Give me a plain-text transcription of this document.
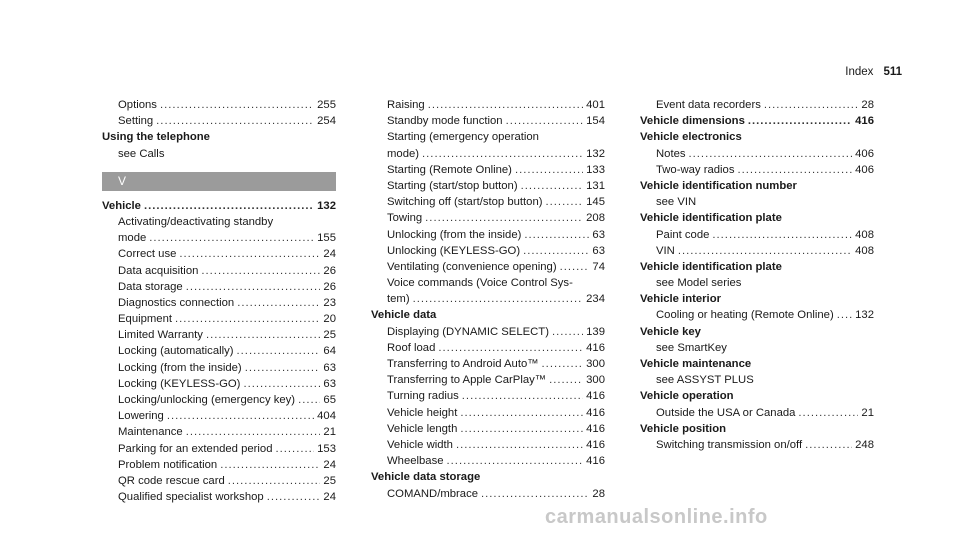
Index 511
Options .....	255
Setting .....	254
Using the telephone
see Calls
V
Vehicle .....	132
Activating/deactivating standby
mode .....	155
Correct use .....	24
Data acquisition .....	26
Data storage .....	26
Diagnostics connection .....	23
Equipment .....	20
Limited Warranty .....	25
Locking (automatically) .....	64
Locking (from the inside) .....	63
Locking (KEYLESS-GO) .....	63
Locking/unlocking (emergency key) .....	65
Lowering .....	404
Maintenance .....	21
Parking for an extended period .....	153
Problem notification .....	24
QR code rescue card .....	25
Qualified specialist workshop .....	24
Raising .....	401
Standby mode function .....	154
Starting (emergency operation
mode) .....	132
Starting (Remote Online) .....	133
Starting (start/stop button) .....	131
Switching off (start/stop button) .....	145
Towing .....	208
Unlocking (from the inside) .....	63
Unlocking (KEYLESS-GO) .....	63
Ventilating (convenience opening) .....	74
Voice commands (Voice Control Sys-
tem) .....	234
Vehicle data
Displaying (DYNAMIC SELECT) .....	139
Roof load .....	416
Transferring to Android Auto™ .....	300
Transferring to Apple CarPlay™ .....	300
Turning radius .....	416
Vehicle height .....	416
Vehicle length .....	416
Vehicle width .....	416
Wheelbase .....	416
Vehicle data storage
COMAND/mbrace .....	28
Event data recorders .....	28
Vehicle dimensions .....	416
Vehicle electronics
Notes .....	406
Two-way radios .....	406
Vehicle identification number
see VIN
Vehicle identification plate
Paint code .....	408
VIN .....	408
Vehicle identification plate
see Model series
Vehicle interior
Cooling or heating (Remote Online) ..... 132
Vehicle key
see SmartKey
Vehicle maintenance
see ASSYST PLUS
Vehicle operation
Outside the USA or Canada .....	21
Vehicle position
Switching transmission on/off .....	248
carmanualsonline.info
